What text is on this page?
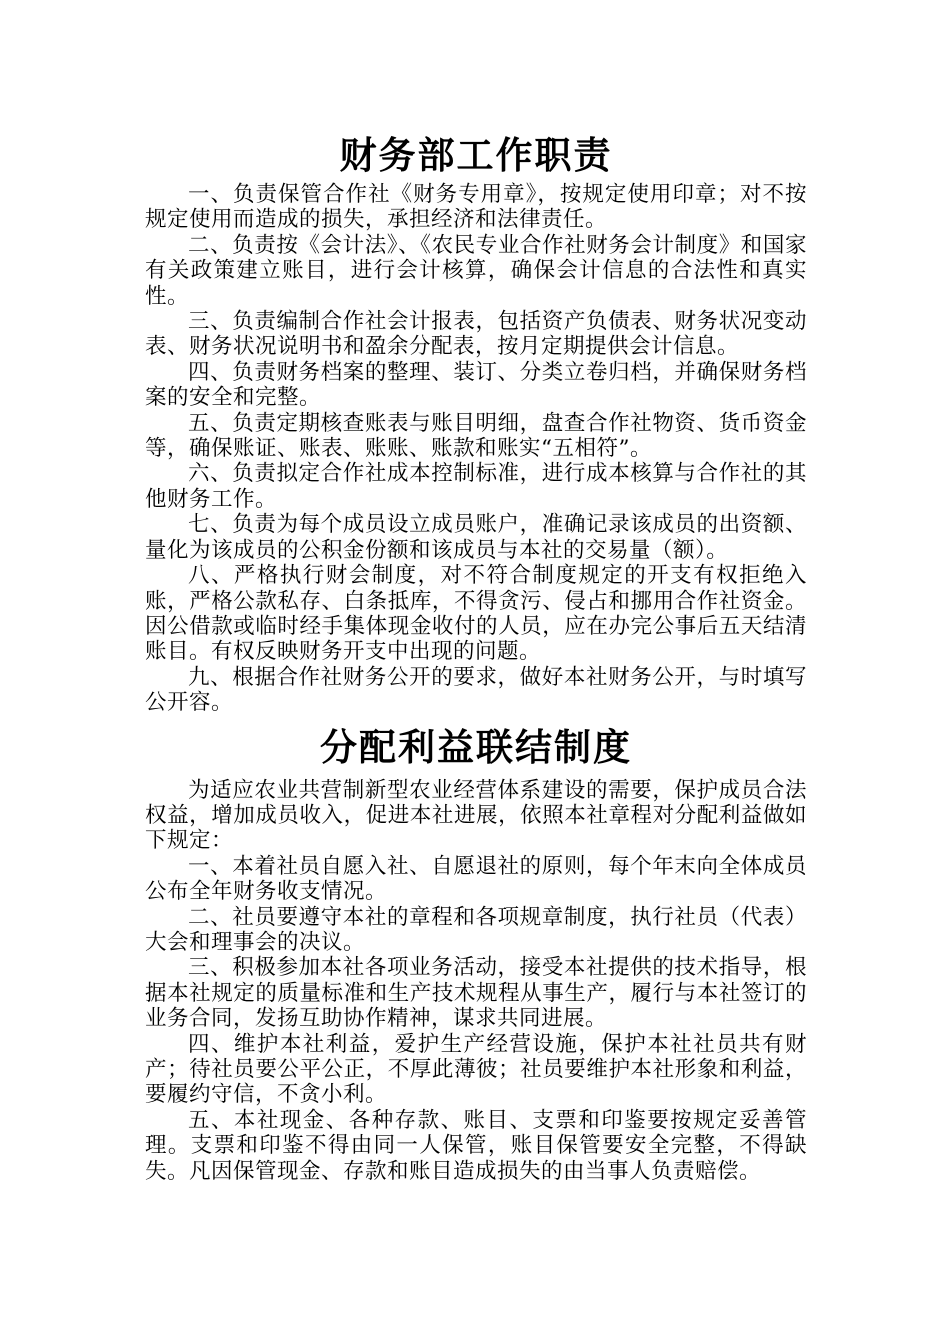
财务部工作职责

一、负责保管合作社《财务专用章》，按规定使用印章；对不按规定使用而造成的损失，承担经济和法律责任。

二、负责按《会计法》、《农民专业合作社财务会计制度》和国家有关政策建立账目，进行会计核算，确保会计信息的合法性和真实性。

三、负责编制合作社会计报表，包括资产负债表、财务状况变动表、财务状况说明书和盈余分配表，按月定期提供会计信息。

四、负责财务档案的整理、装订、分类立卷归档，并确保财务档案的安全和完整。

五、负责定期核查账表与账目明细，盘查合作社物资、货币资金等，确保账证、账表、账账、账款和账实“五相符”。

六、负责拟定合作社成本控制标准，进行成本核算与合作社的其他财务工作。

七、负责为每个成员设立成员账户，准确记录该成员的出资额、量化为该成员的公积金份额和该成员与本社的交易量（额）。

八、严格执行财会制度，对不符合制度规定的开支有权拒绝入账，严格公款私存、白条抵库，不得贪污、侵占和挪用合作社资金。因公借款或临时经手集体现金收付的人员，应在办完公事后五天结清账目。有权反映财务开支中出现的问题。

九、根据合作社财务公开的要求，做好本社财务公开，与时填写公开容。

分配利益联结制度

为适应农业共营制新型农业经营体系建设的需要，保护成员合法权益，增加成员收入，促进本社进展，依照本社章程对分配利益做如下规定：

一、本着社员自愿入社、自愿退社的原则，每个年末向全体成员公布全年财务收支情况。

二、社员要遵守本社的章程和各项规章制度，执行社员（代表）大会和理事会的决议。

三、积极参加本社各项业务活动，接受本社提供的技术指导，根据本社规定的质量标准和生产技术规程从事生产，履行与本社签订的业务合同，发扬互助协作精神，谋求共同进展。

四、维护本社利益，爱护生产经营设施，保护本社社员共有财产；待社员要公平公正，不厚此薄彼；社员要维护本社形象和利益，要履约守信，不贪小利。

五、本社现金、各种存款、账目、支票和印鉴要按规定妥善管理。支票和印鉴不得由同一人保管，账目保管要安全完整，不得缺失。凡因保管现金、存款和账目造成损失的由当事人负责赔偿。
